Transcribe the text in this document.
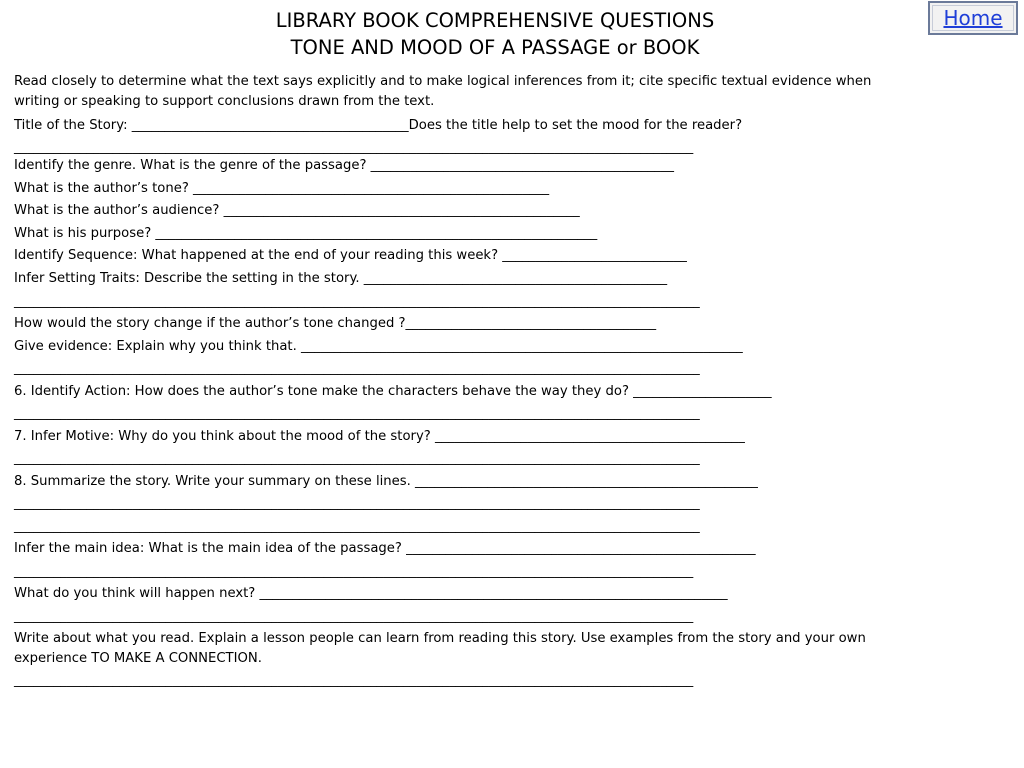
LIBRARY BOOK COMPREHENSIVE QUESTIONS
TONE AND MOOD OF A PASSAGE or BOOK
Home
Read closely to determine what the text says explicitly and to make logical inferences from it; cite specific textual evidence when
writing or speaking to support conclusions drawn from the text.
Title of the Story: __________________________________________Does the title help to set the mood for the reader?
_______________________________________________________________________________________________________
Identify the genre. What is the genre of the passage? ______________________________________________
What is the author’s tone? ______________________________________________________
What is the author’s audience? ______________________________________________________
What is his purpose? ___________________________________________________________________
Identify Sequence: What happened at the end of your reading this week? ____________________________
Infer Setting Traits: Describe the setting in the story. ______________________________________________
________________________________________________________________________________________________________
How would the story change if the author’s tone changed ?______________________________________
Give evidence: Explain why you think that. ___________________________________________________________________
________________________________________________________________________________________________________
6. Identify Action: How does the author’s tone make the characters behave the way they do? _____________________
________________________________________________________________________________________________________
7. Infer Motive: Why do you think about the mood of the story? _______________________________________________
________________________________________________________________________________________________________
8. Summarize the story. Write your summary on these lines. ____________________________________________________
________________________________________________________________________________________________________
________________________________________________________________________________________________________
Infer the main idea: What is the main idea of the passage? _____________________________________________________
_______________________________________________________________________________________________________
What do you think will happen next? _______________________________________________________________________
_______________________________________________________________________________________________________
Write about what you read. Explain a lesson people can learn from reading this story. Use examples from the story and your own
experience TO MAKE A CONNECTION.
_______________________________________________________________________________________________________
